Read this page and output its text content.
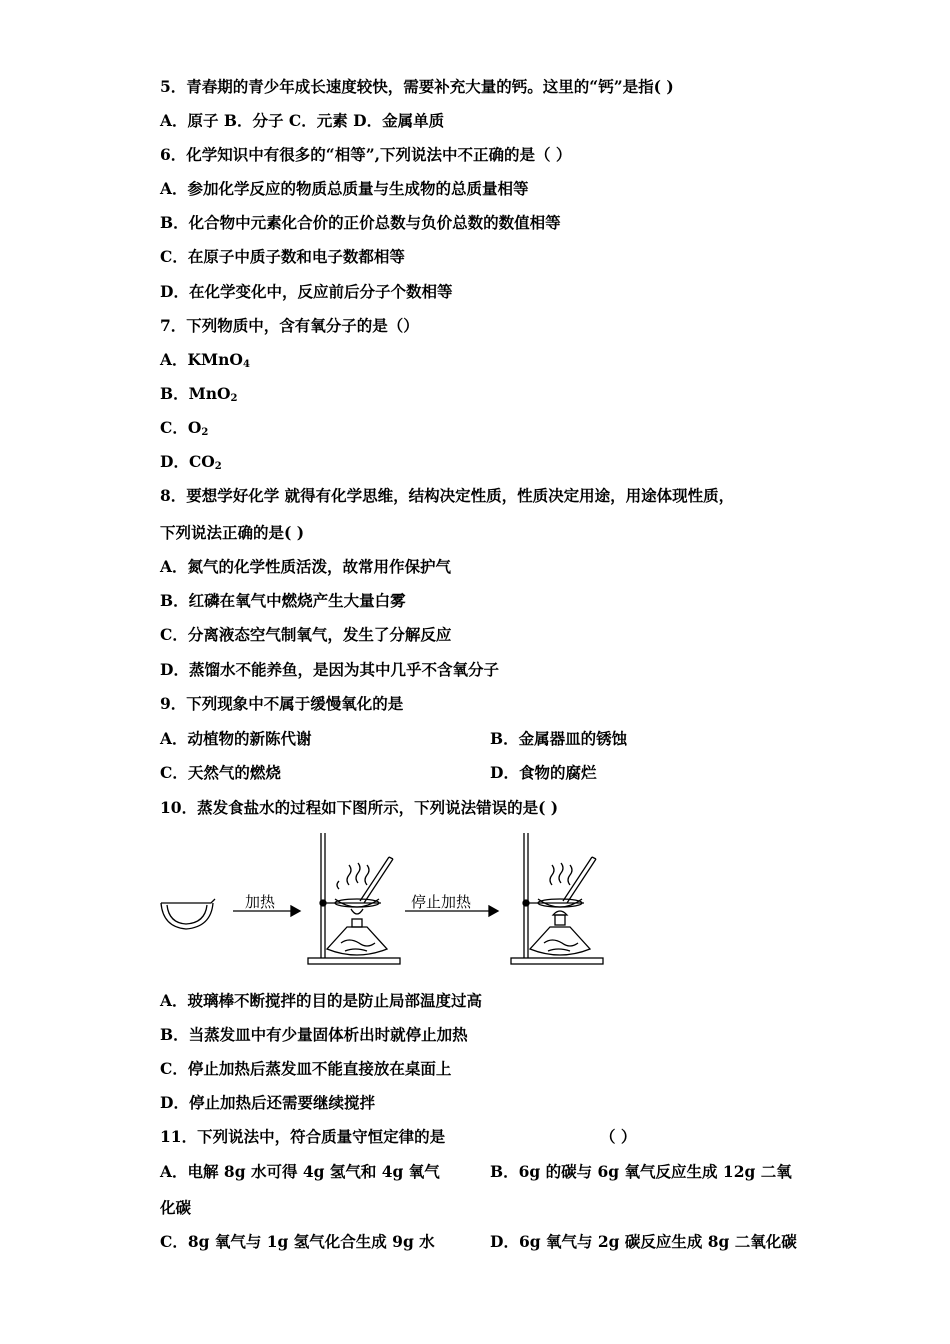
5．青春期的青少年成长速度较快，需要补充大量的钙。这里的“钙”是指( )
A．原子 B．分子 C．元素 D．金属单质
6．化学知识中有很多的“相等”,下列说法中不正确的是（ ）
A．参加化学反应的物质总质量与生成物的总质量相等
B．化合物中元素化合价的正价总数与负价总数的数值相等
C．在原子中质子数和电子数都相等
D．在化学变化中，反应前后分子个数相等
7．下列物质中，含有氧分子的是（）
A．KMnO$_4$
B．MnO$_2$
C．$O_2$
D．$CO_2$
8．要想学好化学 就得有化学思维，结构决定性质，性质决定用途，用途体现性质，
下列说法正确的是( )
A．氮气的化学性质活泼，故常用作保护气
B．红磷在氧气中燃烧产生大量白雾
C．分离液态空气制氧气，发生了分解反应
D．蒸馏水不能养鱼，是因为其中几乎不含氧分子
9．下列现象中不属于缓慢氧化的是
A．动植物的新陈代谢	B．金属器皿的锈蚀
C．天然气的燃烧	D．食物的腐烂
10．蒸发食盐水的过程如下图所示，下列说法错误的是( )
加热	停止加热
A．玻璃棒不断搅拌的目的是防止局部温度过高
B．当蒸发皿中有少量固体析出时就停止加热
C．停止加热后蒸发皿不能直接放在桌面上
D．停止加热后还需要继续搅拌
11．下列说法中，符合质量守恒定律的是	（ ）
A．电解 8g 水可得 4g 氢气和 4g 氧气	B．6g 的碳与 6g 氧气反应生成 12g 二氧
化碳
C．8g 氧气与 1g 氢气化合生成 9g 水	D．6g 氧气与 2g 碳反应生成 8g 二氧化碳
